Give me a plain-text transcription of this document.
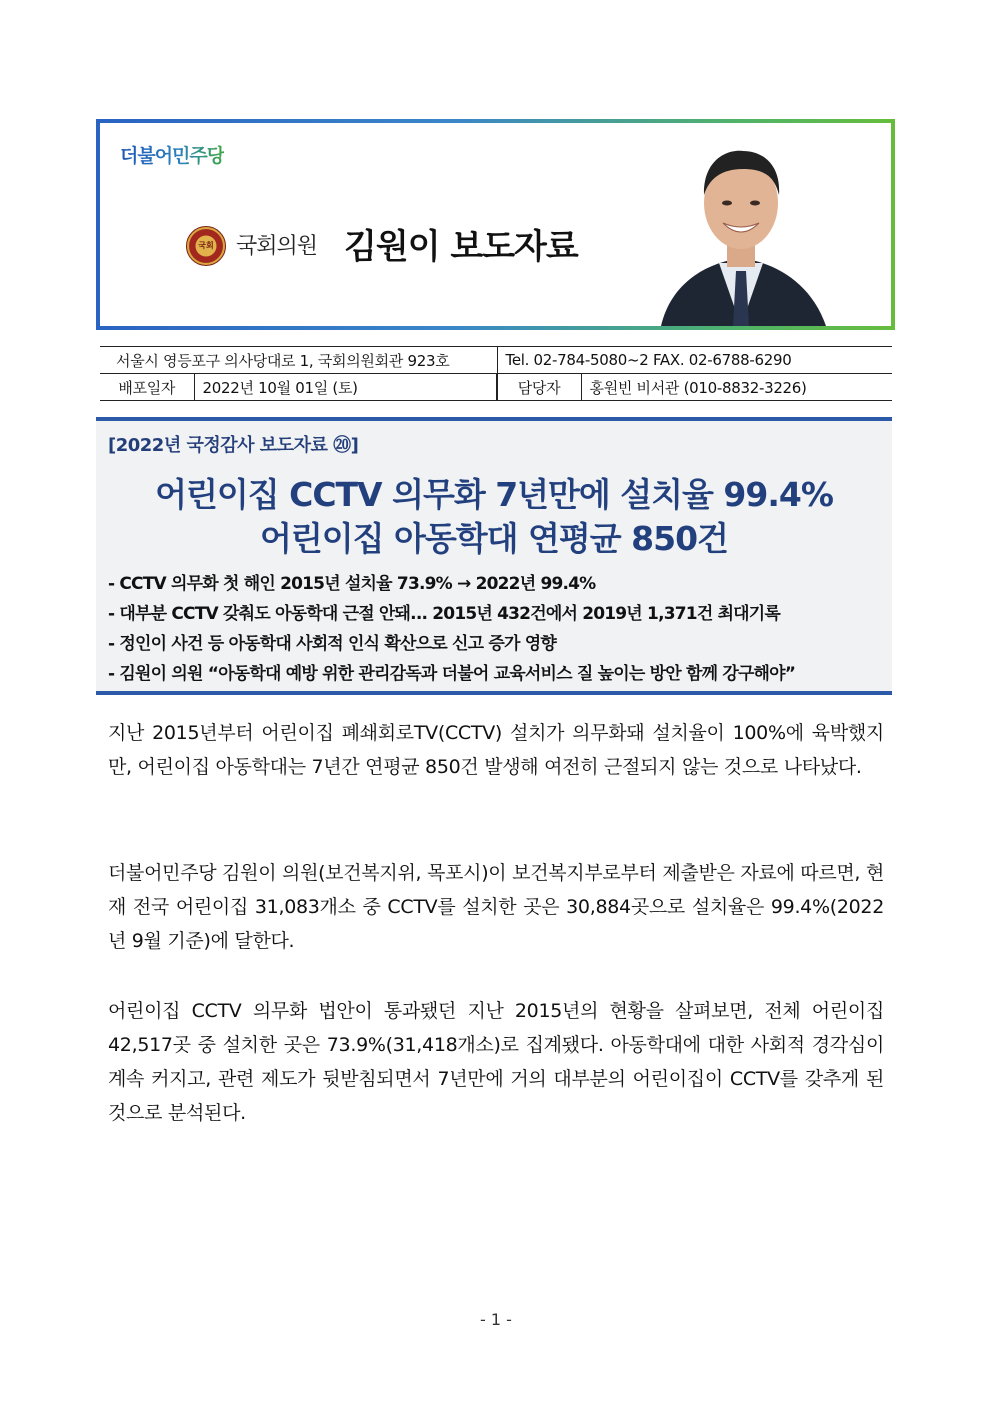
더불어민주당
국회	국회의원 김원이 보도자료
서울시 영등포구 의사당대로 1, 국회의원회관 923호		Tel. 02-784-5080~2 FAX. 02-6788-6290	
배포일자	2022년 10월 01일 (토)		담당자	홍원빈 비서관 (010-8832-3226)
[2022년 국정감사 보도자료 ⑳]
어린이집 CCTV 의무화 7년만에 설치율 99.4%
어린이집 아동학대 연평균 850건
- CCTV 의무화 첫 해인 2015년 설치율 73.9% → 2022년 99.4%
- 대부분 CCTV 갖춰도 아동학대 근절 안돼... 2015년 432건에서 2019년 1,371건 최대기록
- 정인이 사건 등 아동학대 사회적 인식 확산으로 신고 증가 영향
- 김원이 의원 “아동학대 예방 위한 관리감독과 더불어 교육서비스 질 높이는 방안 함께 강구해야”

지난 2015년부터 어린이집 폐쇄회로TV(CCTV) 설치가 의무화돼 설치율이 100%에 육박했지만, 어린이집 아동학대는 7년간 연평균 850건 발생해 여전히 근절되지 않는 것으로 나타났다.

더불어민주당 김원이 의원(보건복지위, 목포시)이 보건복지부로부터 제출받은 자료에 따르면, 현재 전국 어린이집 31,083개소 중 CCTV를 설치한 곳은 30,884곳으로 설치율은 99.4%(2022년 9월 기준)에 달한다.

어린이집 CCTV 의무화 법안이 통과됐던 지난 2015년의 현황을 살펴보면, 전체 어린이집 42,517곳 중 설치한 곳은 73.9%(31,418개소)로 집계됐다. 아동학대에 대한 사회적 경각심이 계속 커지고, 관련 제도가 뒷받침되면서 7년만에 거의 대부분의 어린이집이 CCTV를 갖추게 된 것으로 분석된다.

- 1 -
